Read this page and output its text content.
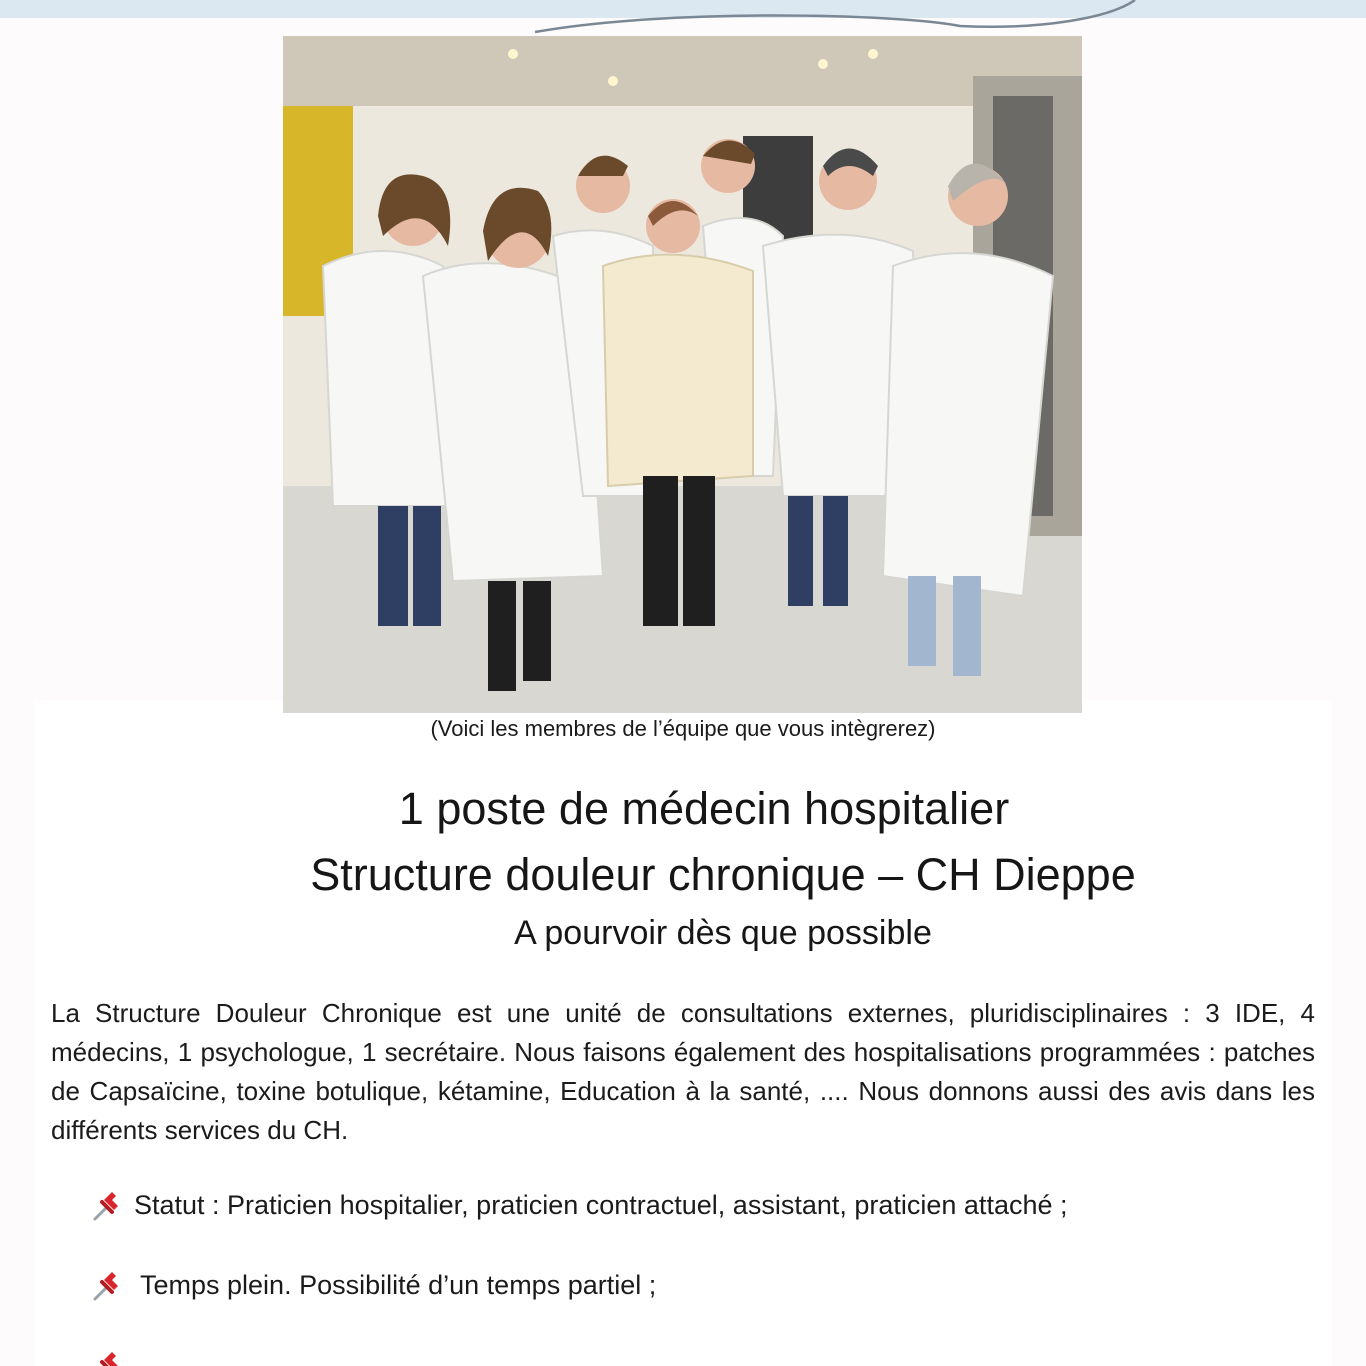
(Voici les membres de l’équipe que vous intègrerez)
1 poste de médecin hospitalier
Structure douleur chronique – CH Dieppe
A pourvoir dès que possible
La Structure Douleur Chronique est une unité de consultations externes, pluridisciplinaires : 3 IDE, 4 médecins, 1 psychologue, 1 secrétaire. Nous faisons également des hospitalisations programmées : patches de Capsaïcine, toxine botulique, kétamine, Education à la santé, .... Nous donnons aussi des avis dans les différents services du CH.
Statut : Praticien hospitalier, praticien contractuel, assistant, praticien attaché ;
Temps plein. Possibilité d’un temps partiel ;
